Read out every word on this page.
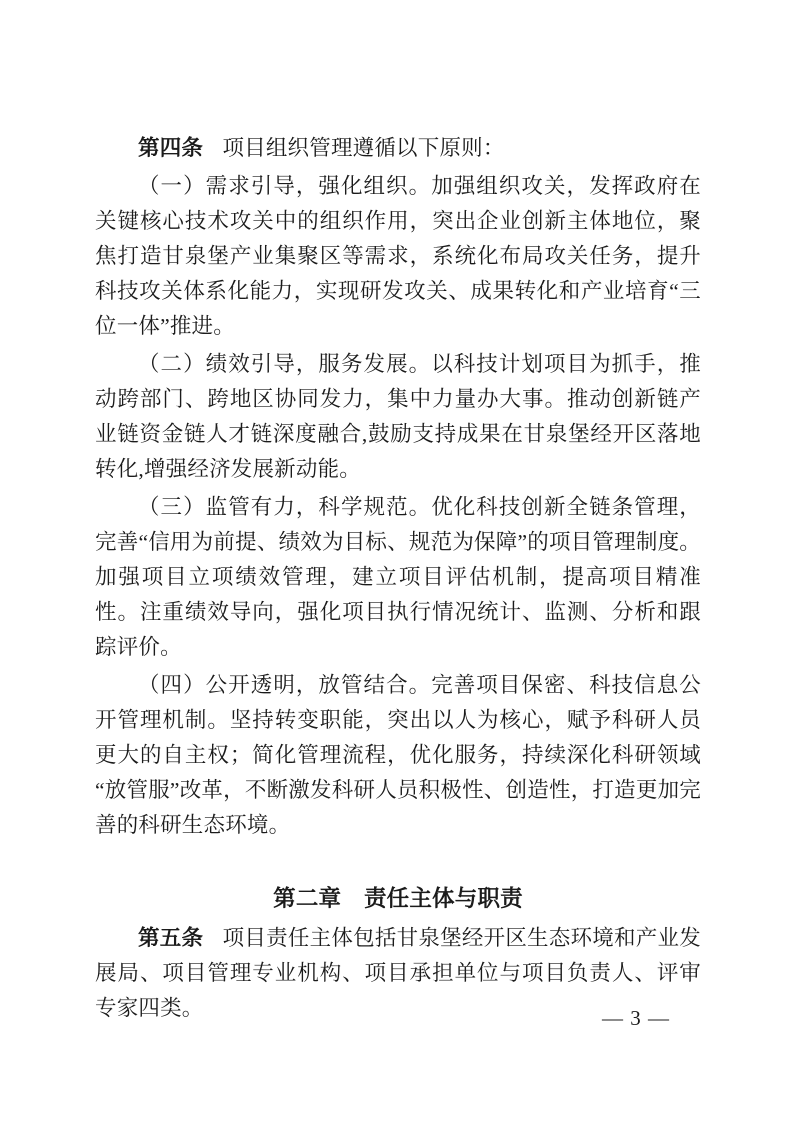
第四条 项目组织管理遵循以下原则：

（一）需求引导，强化组织。加强组织攻关，发挥政府在关键核心技术攻关中的组织作用，突出企业创新主体地位，聚焦打造甘泉堡产业集聚区等需求，系统化布局攻关任务，提升科技攻关体系化能力，实现研发攻关、成果转化和产业培育“三位一体”推进。

（二）绩效引导，服务发展。以科技计划项目为抓手，推动跨部门、跨地区协同发力，集中力量办大事。推动创新链产业链资金链人才链深度融合,鼓励支持成果在甘泉堡经开区落地转化,增强经济发展新动能。

（三）监管有力，科学规范。优化科技创新全链条管理，完善“信用为前提、绩效为目标、规范为保障”的项目管理制度。加强项目立项绩效管理，建立项目评估机制，提高项目精准性。注重绩效导向，强化项目执行情况统计、监测、分析和跟踪评价。

（四）公开透明，放管结合。完善项目保密、科技信息公开管理机制。坚持转变职能，突出以人为核心，赋予科研人员更大的自主权；简化管理流程，优化服务，持续深化科研领域“放管服”改革，不断激发科研人员积极性、创造性，打造更加完善的科研生态环境。

第二章　责任主体与职责

第五条 项目责任主体包括甘泉堡经开区生态环境和产业发展局、项目管理专业机构、项目承担单位与项目负责人、评审专家四类。	— 3 —
